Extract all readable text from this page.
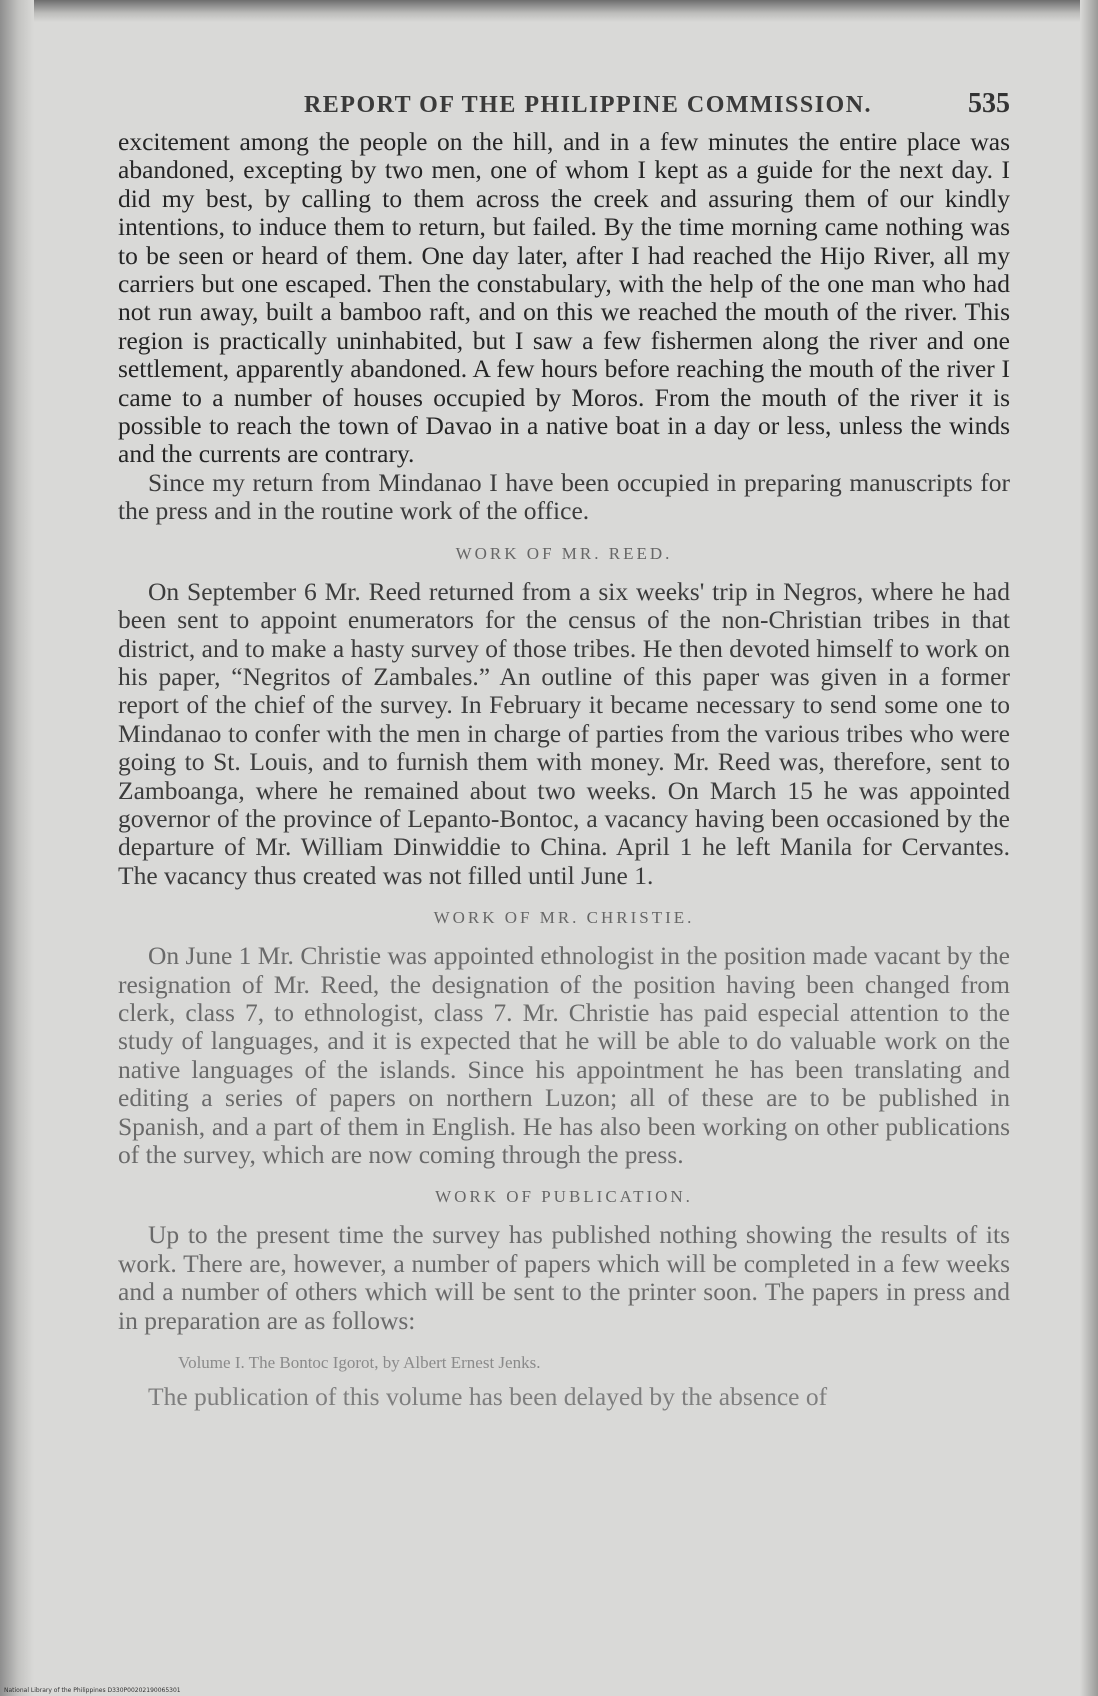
REPORT OF THE PHILIPPINE COMMISSION.	535

excitement among the people on the hill, and in a few minutes the entire place was abandoned, excepting by two men, one of whom I kept as a guide for the next day. I did my best, by calling to them across the creek and assuring them of our kindly intentions, to induce them to return, but failed. By the time morning came nothing was to be seen or heard of them. One day later, after I had reached the Hijo River, all my carriers but one escaped. Then the constabulary, with the help of the one man who had not run away, built a bamboo raft, and on this we reached the mouth of the river. This region is practically uninhabited, but I saw a few fishermen along the river and one settlement, apparently abandoned. A few hours before reaching the mouth of the river I came to a number of houses occupied by Moros. From the mouth of the river it is possible to reach the town of Davao in a native boat in a day or less, unless the winds and the currents are contrary.

Since my return from Mindanao I have been occupied in preparing manuscripts for the press and in the routine work of the office.

WORK OF MR. REED.

On September 6 Mr. Reed returned from a six weeks' trip in Negros, where he had been sent to appoint enumerators for the census of the non-Christian tribes in that district, and to make a hasty survey of those tribes. He then devoted himself to work on his paper, “Negritos of Zambales.” An outline of this paper was given in a former report of the chief of the survey. In February it became necessary to send some one to Mindanao to confer with the men in charge of parties from the various tribes who were going to St. Louis, and to furnish them with money. Mr. Reed was, therefore, sent to Zamboanga, where he remained about two weeks. On March 15 he was appointed governor of the province of Lepanto-Bontoc, a vacancy having been occasioned by the departure of Mr. William Dinwiddie to China. April 1 he left Manila for Cervantes. The vacancy thus created was not filled until June 1.

WORK OF MR. CHRISTIE.

On June 1 Mr. Christie was appointed ethnologist in the position made vacant by the resignation of Mr. Reed, the designation of the position having been changed from clerk, class 7, to ethnologist, class 7. Mr. Christie has paid especial attention to the study of languages, and it is expected that he will be able to do valuable work on the native languages of the islands. Since his appointment he has been translating and editing a series of papers on northern Luzon; all of these are to be published in Spanish, and a part of them in English. He has also been working on other publications of the survey, which are now coming through the press.

WORK OF PUBLICATION.

Up to the present time the survey has published nothing showing the results of its work. There are, however, a number of papers which will be completed in a few weeks and a number of others which will be sent to the printer soon. The papers in press and in preparation are as follows:

Volume I. The Bontoc Igorot, by Albert Ernest Jenks.

The publication of this volume has been delayed by the absence of

National Library of the Philippines D330P00202190065301
